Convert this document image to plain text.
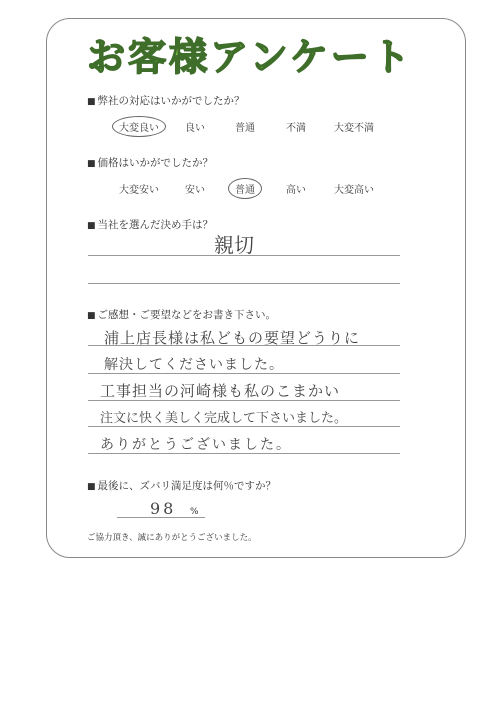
お客様アンケート
■ 弊社の対応はいかがでしたか？
大変良い	良い	普通	不満	大変不満
■ 価格はいかがでしたか？
大変安い	安い	普通	高い	大変高い
■ 当社を選んだ決め手は？
親切
■ ご感想・ご要望などをお書き下さい。
浦上店長様は私どもの要望どうりに
解決してくださいました。
工事担当の河崎様も私のこまかい
注文に快く美しく完成して下さいました。
ありがとうございました。
■ 最後に、ズバリ満足度は何％ですか？
98 %
ご協力頂き、誠にありがとうございました。
